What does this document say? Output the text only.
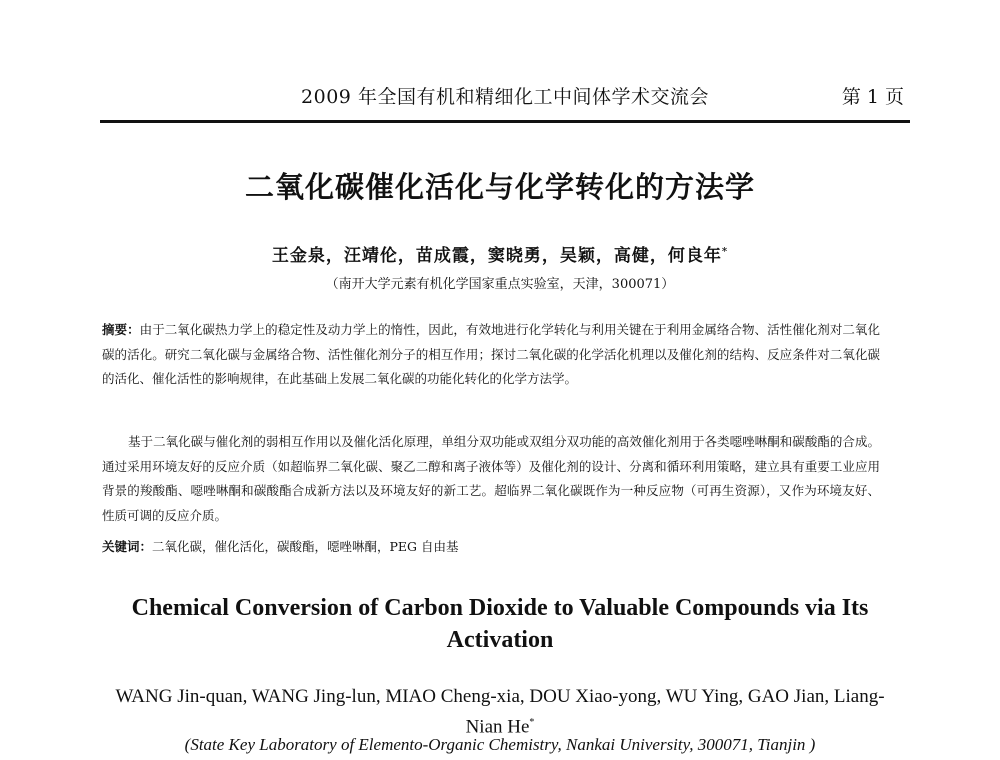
2009 年全国有机和精细化工中间体学术交流会	第 1 页
二氧化碳催化活化与化学转化的方法学
王金泉，汪靖伦，苗成霞，窦晓勇，吴颖，高健，何良年*
（南开大学元素有机化学国家重点实验室，天津，300071）

摘要：由于二氧化碳热力学上的稳定性及动力学上的惰性，因此，有效地进行化学转化与利用关键在于利用金属络合物、活性催化剂对二氧化碳的活化。研究二氧化碳与金属络合物、活性催化剂分子的相互作用；探讨二氧化碳的化学活化机理以及催化剂的结构、反应条件对二氧化碳的活化、催化活性的影响规律，在此基础上发展二氧化碳的功能化转化的化学方法学。

基于二氧化碳与催化剂的弱相互作用以及催化活化原理，单组分双功能或双组分双功能的高效催化剂用于各类噁唑啉酮和碳酸酯的合成。通过采用环境友好的反应介质（如超临界二氧化碳、聚乙二醇和离子液体等）及催化剂的设计、分离和循环利用策略，建立具有重要工业应用背景的羧酸酯、噁唑啉酮和碳酸酯合成新方法以及环境友好的新工艺。超临界二氧化碳既作为一种反应物（可再生资源），又作为环境友好、性质可调的反应介质。

关键词：二氧化碳，催化活化，碳酸酯，噁唑啉酮，PEG 自由基
Chemical Conversion of Carbon Dioxide to Valuable Compounds via Its Activation
WANG Jin-quan, WANG Jing-lun, MIAO Cheng-xia, DOU Xiao-yong, WU Ying, GAO Jian, Liang-Nian He*
(State Key Laboratory of Elemento-Organic Chemistry, Nankai University, 300071, Tianjin )
